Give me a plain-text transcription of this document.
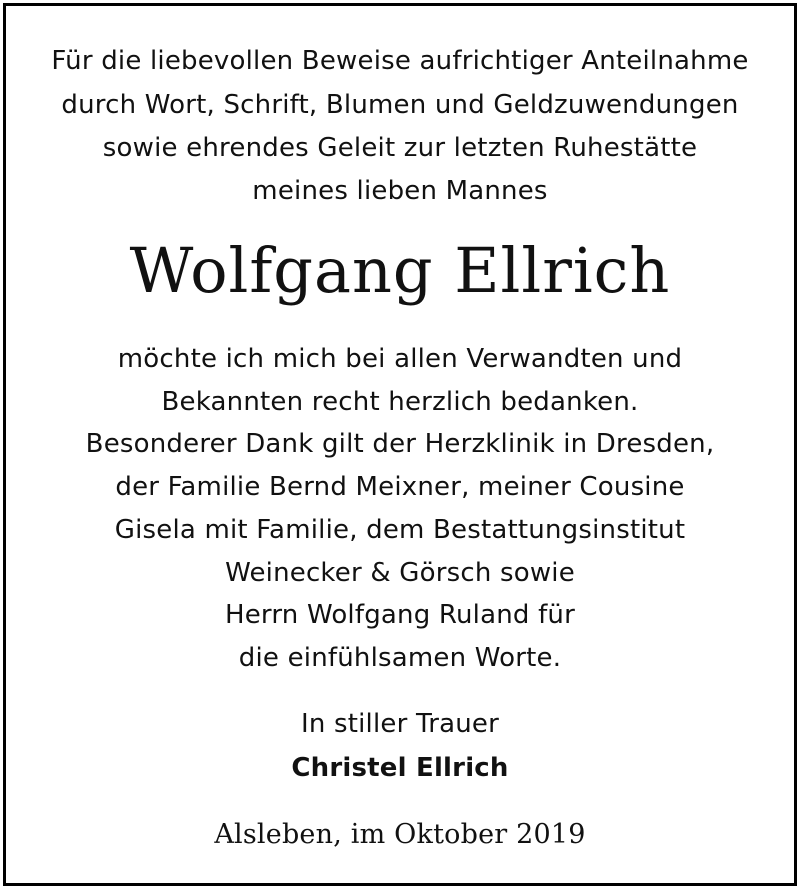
Für die liebevollen Beweise aufrichtiger Anteilnahme
durch Wort, Schrift, Blumen und Geldzuwendungen
sowie ehrendes Geleit zur letzten Ruhestätte
meines lieben Mannes
Wolfgang Ellrich
möchte ich mich bei allen Verwandten und
Bekannten recht herzlich bedanken.
Besonderer Dank gilt der Herzklinik in Dresden,
der Familie Bernd Meixner, meiner Cousine
Gisela mit Familie, dem Bestattungsinstitut
Weinecker & Görsch sowie
Herrn Wolfgang Ruland für
die einfühlsamen Worte.
In stiller Trauer
Christel Ellrich
Alsleben, im Oktober 2019
